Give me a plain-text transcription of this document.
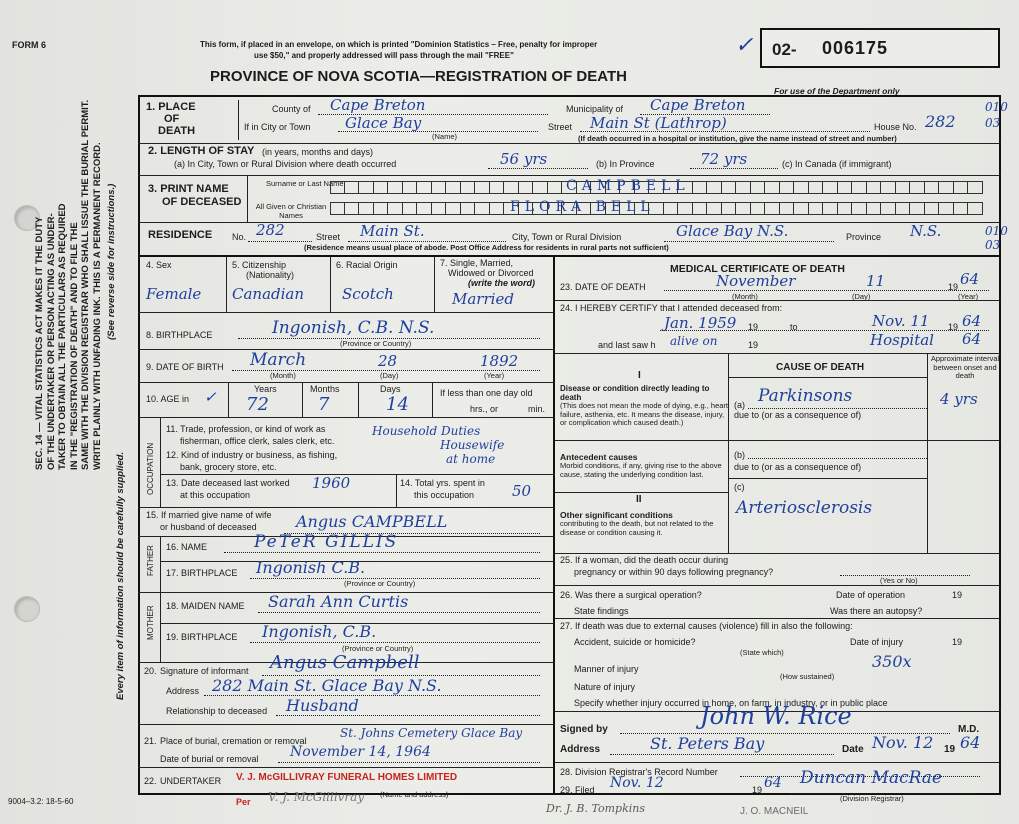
FORM 6	This form, if placed in an envelope, on which is printed "Dominion Statistics – Free, penalty for improper
use $50," and properly addressed will pass through the mail "FREE"	✓ 02- 006175
PROVINCE OF NOVA SCOTIA—REGISTRATION OF DEATH
For use of the Department only
SEC. 14 — VITAL STATISTICS ACT MAKES IT THE DUTY OF THE UNDERTAKER OR PERSON ACTING AS UNDER- TAKER TO OBTAIN ALL THE PARTICULARS AS REQUIRED IN THE "REGISTRATION OF DEATH" AND TO FILE THE SAME WITH THE DIVISION REGISTRAR WHO SHALL ISSUE THE BURIAL PERMIT. WRITE PLAINLY WITH UNFADING INK. THIS IS A PERMANENT RECORD. (See reverse side for instructions.)
Every item of information should be carefully supplied.
1. PLACE
OF
DEATH
County of Cape Breton	Municipality of Cape Breton	010
03
If in City or Town Glace Bay
(Name)
Street Main St (Lathrop)	House No. 282
(If death occurred in a hospital or institution, give the name instead of street and number)
2. LENGTH OF STAY (in years, months and days)
(a) In City, Town or Rural Division where death occurred	56 yrs	(b) In Province	72 yrs	(c) In Canada (if immigrant)
3. PRINT NAME
OF DECEASED
Surname or Last Name
All Given or Christian Names
CAMPBELL
FLORA BELL
RESIDENCE No. 282	Street Main St.	City, Town or Rural Division	Glace Bay N.S.	Province N.S.	010
03
(Residence means usual place of abode. Post Office Address for residents in rural parts not sufficient)
4. Sex
Female
5. Citizenship
(Nationality)
Canadian
6. Racial Origin
Scotch
7. Single, Married,
Widowed or Divorced
(write the word)
Married
8. BIRTHPLACE	Ingonish, C.B. N.S.
(Province or Country)
9. DATE OF BIRTH March	28	1892
(Month)	(Day)	(Year)
10. AGE in ✓	Years
72
Months
7
Days
14
If less than one day old
hrs., or	min.
OCCUPATION
11. Trade, profession, or kind of work as
fisherman, office clerk, sales clerk, etc.
Household Duties
Housewife
12. Kind of industry or business, as fishing,
bank, grocery store, etc.
at home
13. Date deceased last worked
at this occupation
1960	14. Total yrs. spent in
this occupation	50
15. If married give name of wife
or husband of deceased Angus CAMPBELL
FATHER 16. NAME	PeTeR GILLIS
17. BIRTHPLACE Ingonish C.B.
(Province or Country)
MOTHER 18. MAIDEN NAME Sarah Ann Curtis
19. BIRTHPLACE Ingonish, C.B.
(Province or Country)
20. Signature of informant Angus Campbell
Address 282 Main St. Glace Bay N.S.
Relationship to deceased Husband
21. Place of burial, cremation or removal
St. Johns Cemetery Glace Bay
Date of burial or removal November 14, 1964
22. UNDERTAKER V. J. McGILLIVRAY FUNERAL HOMES LIMITED
Per V. J. McGillivray (Name and address)
9004–3.2: 18-5-60
MEDICAL CERTIFICATE OF DEATH
23. DATE OF DEATH	November	11	19 64
(Month)	(Day)	(Year)
24. I HEREBY CERTIFY that I attended deceased from:
Jan. 1959 19	to	Nov. 11 19 64
and last saw h alive on	19	Hospital 64
CAUSE OF DEATH
Approximate interval between onset and death
I
Disease or condition directly leading to death
(This does not mean the mode of dying, e.g., heart failure, asthenia, etc. It means the disease, injury, or complication which caused death.)
(a) Parkinsons	4 yrs
due to (or as a consequence of)
(b)
Antecedent causes
Morbid conditions, if any, giving rise to the above cause, stating the underlying condition last.
due to (or as a consequence of)
(c)
II
Other significant conditions
contributing to the death, but not related to the disease or condition causing it.
Arteriosclerosis
25. If a woman, did the death occur during
pregnancy or within 90 days following pregnancy?
(Yes or No)
26. Was there a surgical operation?	Date of operation	19
State findings	Was there an autopsy?
27. If death was due to external causes (violence) fill in also the following:
Accident, suicide or homicide?	Date of injury	19
(State which)
Manner of injury	350x
Nature of injury
(How sustained)
Specify whether injury occurred in home, on farm, in industry, or in public place
Signed by	John W. Rice	M.D.
Address	St. Peters Bay	Date Nov. 12 19 64
28. Division Registrar's Record Number
29. Filed Nov. 12	19 64 Duncan MacRae
(Division Registrar)
Dr. J. B. Tompkins	J. O. MACNEIL
